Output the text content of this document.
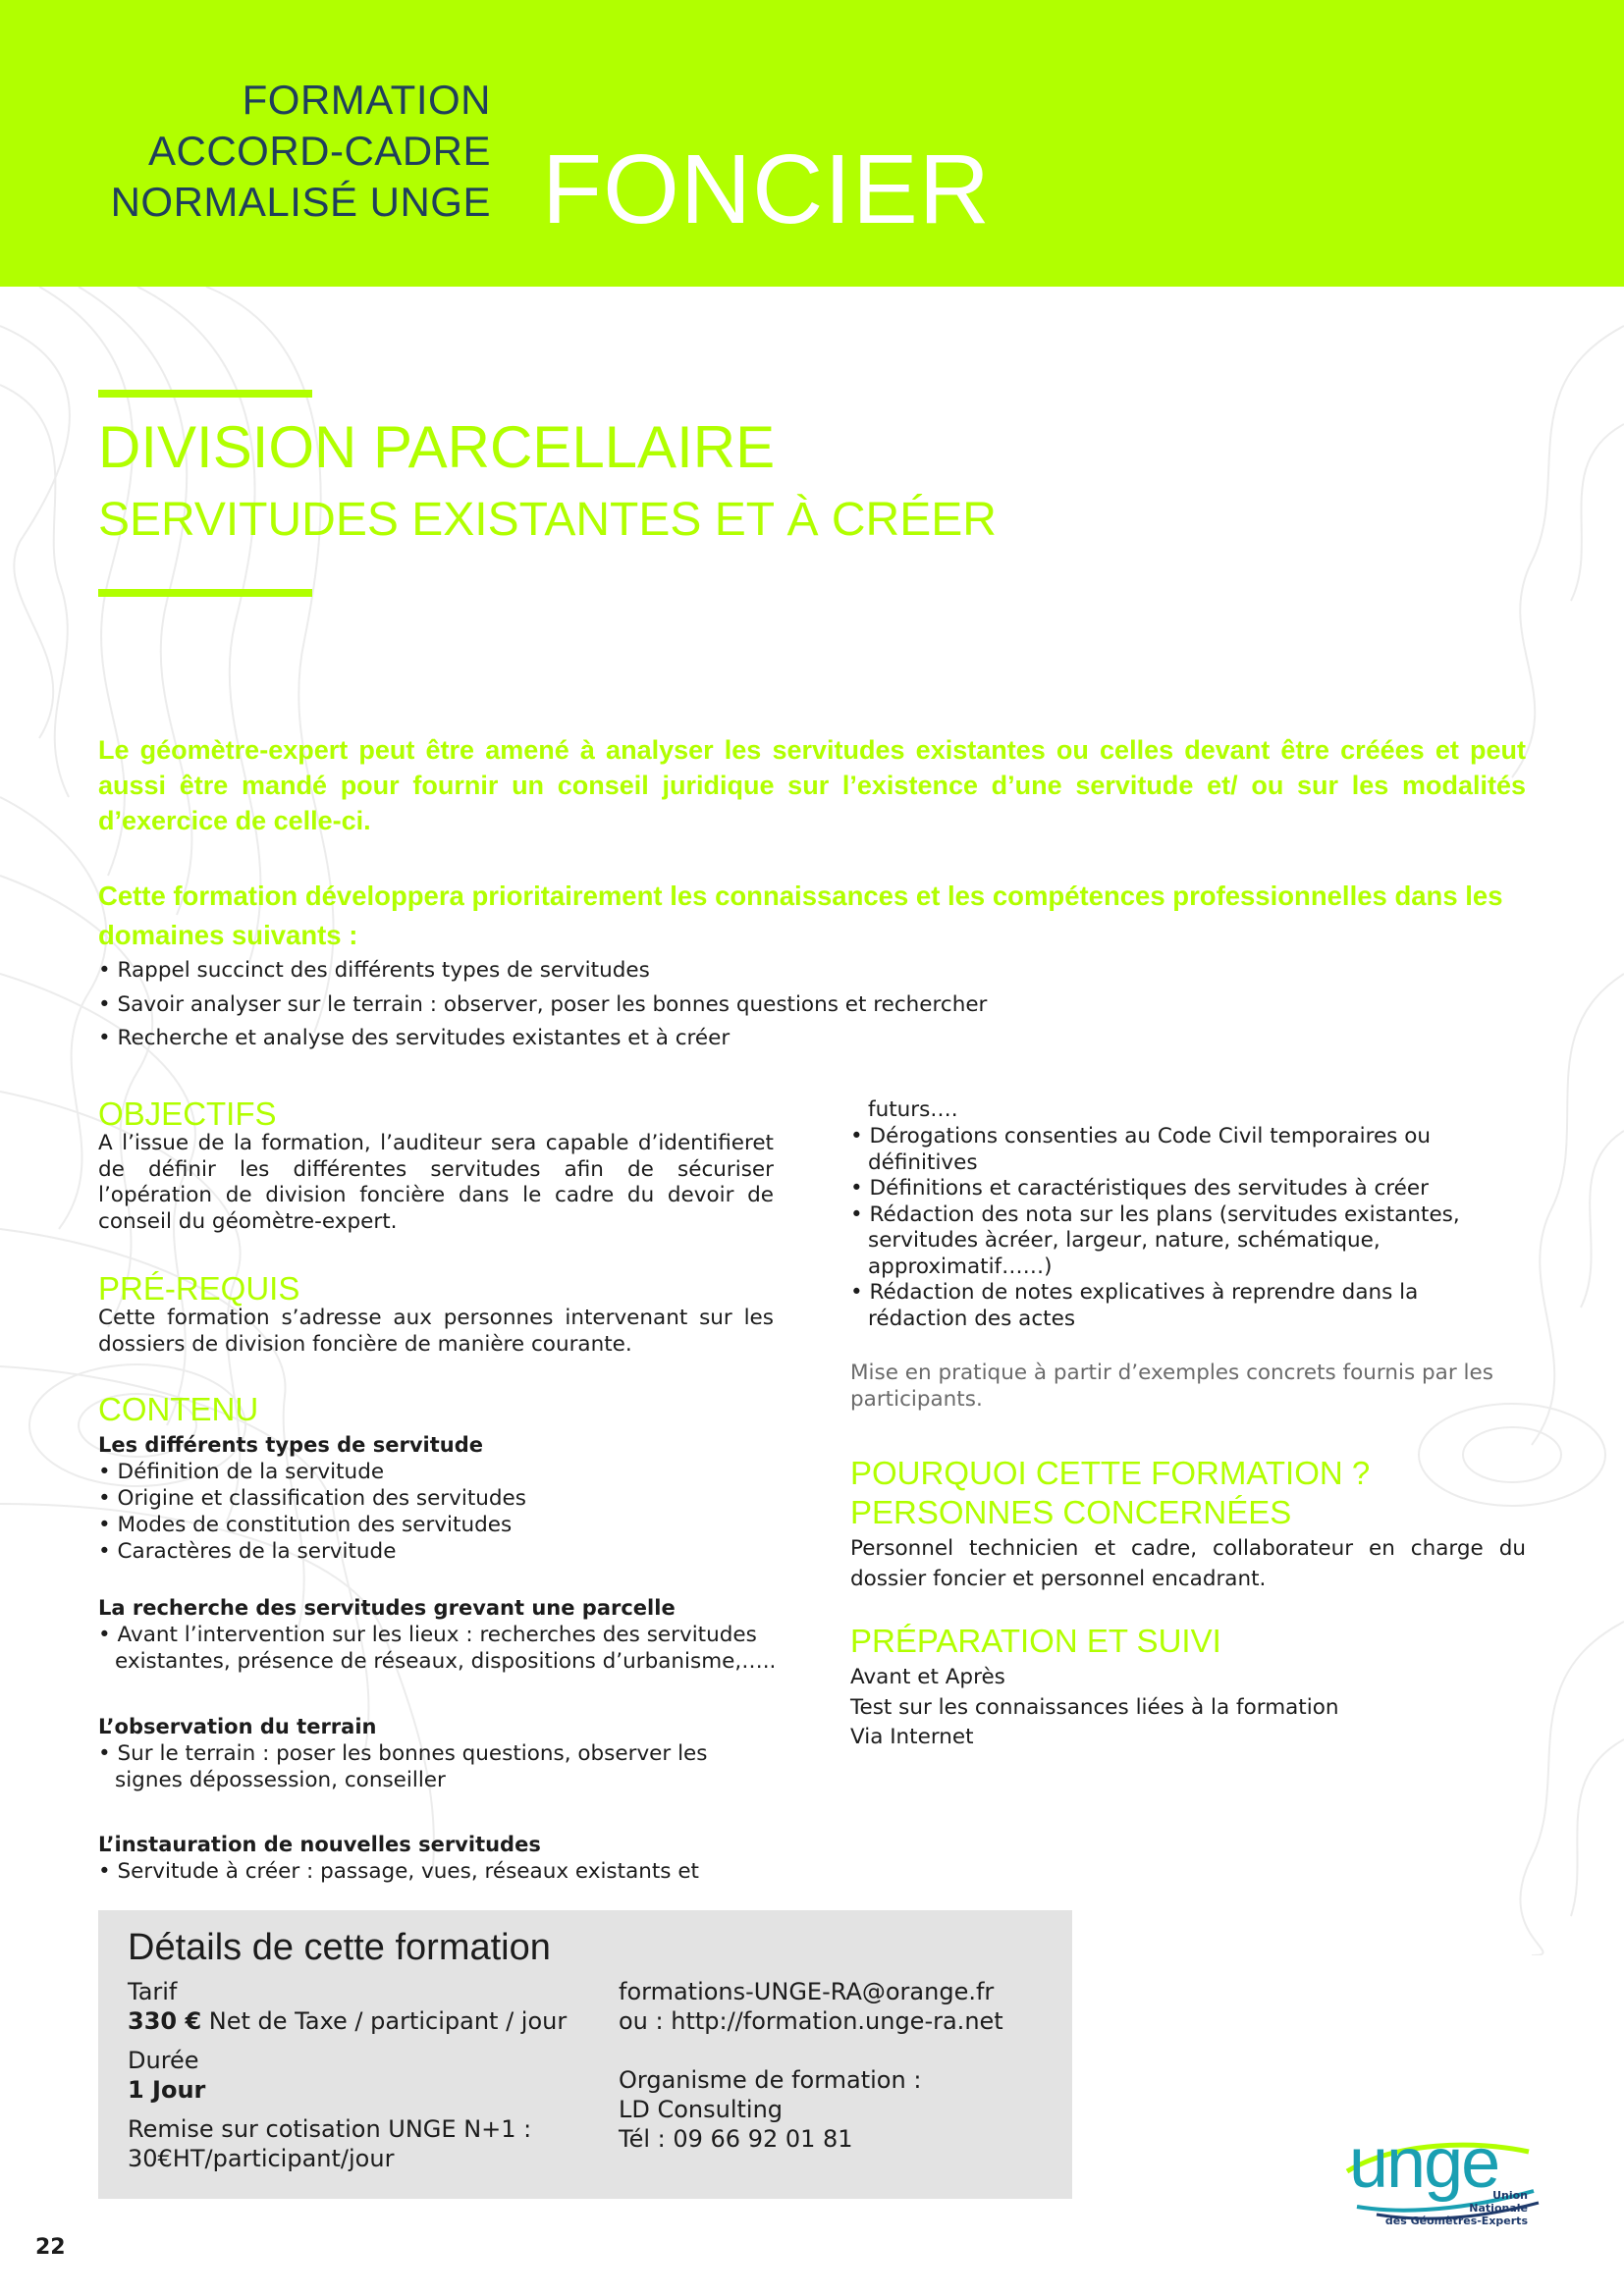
FORMATION
ACCORD-CADRE
NORMALISÉ UNGE FONCIER
DIVISION PARCELLAIRE
SERVITUDES EXISTANTES ET À CRÉER
Le géomètre-expert peut être amené à analyser les servitudes existantes ou celles devant être créées et peut aussi être mandé pour fournir un conseil juridique sur l’existence d’une servitude et/ ou sur les modalités d’exercice de celle-ci.
Cette formation développera prioritairement les connaissances et les compétences professionnelles dans les domaines suivants :
• Rappel succinct des différents types de servitudes
• Savoir analyser sur le terrain : observer, poser les bonnes questions et rechercher
• Recherche et analyse des servitudes existantes et à créer
OBJECTIFS
A l’issue de la formation, l’auditeur sera capable d’identifieret de définir les différentes servitudes afin de sécuriser l’opération de division foncière dans le cadre du devoir de conseil du géomètre-expert.
PRÉ-REQUIS
Cette formation s’adresse aux personnes intervenant sur les dossiers de division foncière de manière courante.
CONTENU
Les différents types de servitude
• Définition de la servitude
• Origine et classification des servitudes
• Modes de constitution des servitudes
• Caractères de la servitude
La recherche des servitudes grevant une parcelle
• Avant l’intervention sur les lieux : recherches des servitudes existantes, présence de réseaux, dispositions d’urbanisme,…..
L’observation du terrain
• Sur le terrain : poser les bonnes questions, observer les signes dépossession, conseiller
L’instauration de nouvelles servitudes
• Servitude à créer : passage, vues, réseaux existants et
futurs….
• Dérogations consenties au Code Civil temporaires ou définitives
• Définitions et caractéristiques des servitudes à créer
• Rédaction des nota sur les plans (servitudes existantes, servitudes àcréer, largeur, nature, schématique, approximatif……)
• Rédaction de notes explicatives à reprendre dans la rédaction des actes
Mise en pratique à partir d’exemples concrets fournis par les participants.
POURQUOI CETTE FORMATION ?
PERSONNES CONCERNÉES
Personnel technicien et cadre, collaborateur en charge du dossier foncier et personnel encadrant.
PRÉPARATION ET SUIVI
Avant et Après
Test sur les connaissances liées à la formation
Via Internet
Détails de cette formation
Tarif
330 € Net de Taxe / participant / jour
Durée
1 Jour
Remise sur cotisation UNGE N+1 :
30€HT/participant/jour
formations-UNGE-RA@orange.fr
ou : http://formation.unge-ra.net
Organisme de formation :
LD Consulting
Tél : 09 66 92 01 81	unge
Union
Nationale
des Géomètres-Experts
22
